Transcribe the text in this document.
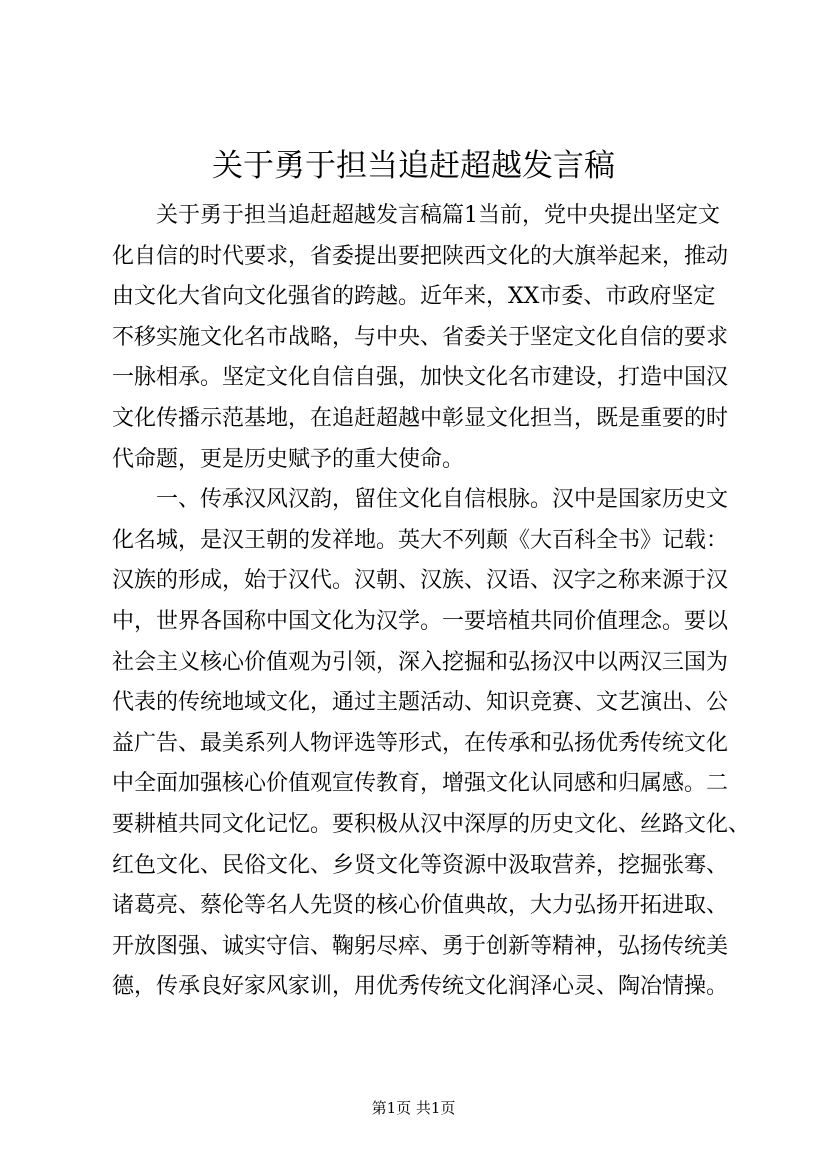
关于勇于担当追赶超越发言稿
关于勇于担当追赶超越发言稿篇1当前，党中央提出坚定文
化自信的时代要求，省委提出要把陕西文化的大旗举起来，推动
由文化大省向文化强省的跨越。近年来，XX市委、市政府坚定
不移实施文化名市战略，与中央、省委关于坚定文化自信的要求
一脉相承。坚定文化自信自强，加快文化名市建设，打造中国汉
文化传播示范基地，在追赶超越中彰显文化担当，既是重要的时
代命题，更是历史赋予的重大使命。
一、传承汉风汉韵，留住文化自信根脉。汉中是国家历史文
化名城，是汉王朝的发祥地。英大不列颠《大百科全书》记载：
汉族的形成，始于汉代。汉朝、汉族、汉语、汉字之称来源于汉
中，世界各国称中国文化为汉学。一要培植共同价值理念。要以
社会主义核心价值观为引领，深入挖掘和弘扬汉中以两汉三国为
代表的传统地域文化，通过主题活动、知识竞赛、文艺演出、公
益广告、最美系列人物评选等形式，在传承和弘扬优秀传统文化
中全面加强核心价值观宣传教育，增强文化认同感和归属感。二
要耕植共同文化记忆。要积极从汉中深厚的历史文化、丝路文化、
红色文化、民俗文化、乡贤文化等资源中汲取营养，挖掘张骞、
诸葛亮、蔡伦等名人先贤的核心价值典故，大力弘扬开拓进取、
开放图强、诚实守信、鞠躬尽瘁、勇于创新等精神，弘扬传统美
德，传承良好家风家训，用优秀传统文化润泽心灵、陶冶情操。
第1页 共1页
